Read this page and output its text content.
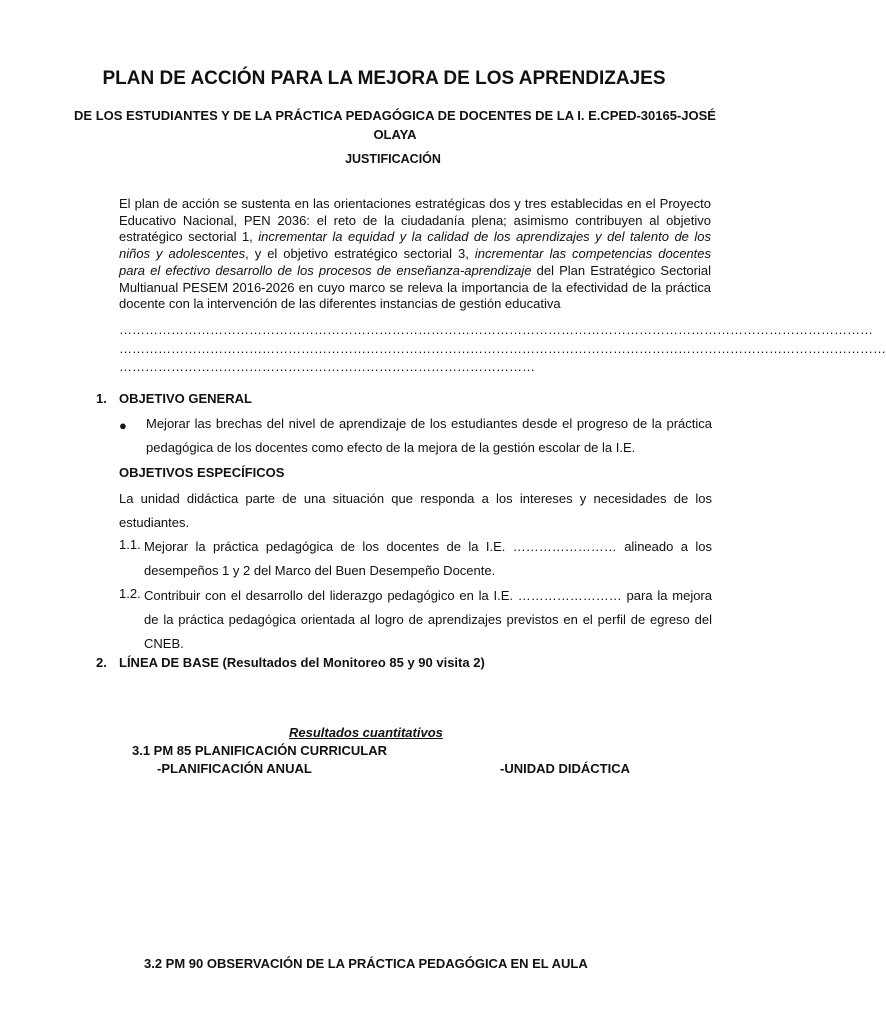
PLAN DE ACCIÓN PARA LA MEJORA DE LOS APRENDIZAJES
DE LOS ESTUDIANTES Y DE LA PRÁCTICA PEDAGÓGICA DE DOCENTES DE LA I. E.CPED-30165-JOSÉ OLAYA
JUSTIFICACIÓN
El plan de acción se sustenta en las orientaciones estratégicas dos y tres establecidas en el Proyecto Educativo Nacional, PEN 2036: el reto de la ciudadanía plena; asimismo contribuyen al objetivo estratégico sectorial 1, incrementar la equidad y la calidad de los aprendizajes y del talento de los niños y adolescentes, y el objetivo estratégico sectorial 3, incrementar las competencias docentes para el efectivo desarrollo de los procesos de enseñanza-aprendizaje del Plan Estratégico Sectorial Multianual PESEM 2016-2026 en cuyo marco se releva la importancia de la efectividad de la práctica docente con la intervención de las diferentes instancias de gestión educativa
…………………………………………………………………………………………………………………………………………………………
……………………………………………………………………………………………………………………………………………………………
……………………………………………………………………………………
1. OBJETIVO GENERAL
● Mejorar las brechas del nivel de aprendizaje de los estudiantes desde el progreso de la práctica pedagógica de los docentes como efecto de la mejora de la gestión escolar de la I.E.
OBJETIVOS ESPECÍFICOS
La unidad didáctica parte de una situación que responda a los intereses y necesidades de los estudiantes.
1.1. Mejorar la práctica pedagógica de los docentes de la I.E. …………………… alineado a los desempeños 1 y 2 del Marco del Buen Desempeño Docente.
1.2. Contribuir con el desarrollo del liderazgo pedagógico en la I.E. …………………… para la mejora de la práctica pedagógica orientada al logro de aprendizajes previstos en el perfil de egreso del CNEB.
2. LÍNEA DE BASE (Resultados del Monitoreo 85 y 90 visita 2)
Resultados cuantitativos
3.1 PM 85 PLANIFICACIÓN CURRICULAR
-PLANIFICACIÓN ANUAL	-UNIDAD DIDÁCTICA
3.2 PM 90 OBSERVACIÓN DE LA PRÁCTICA PEDAGÓGICA EN EL AULA
